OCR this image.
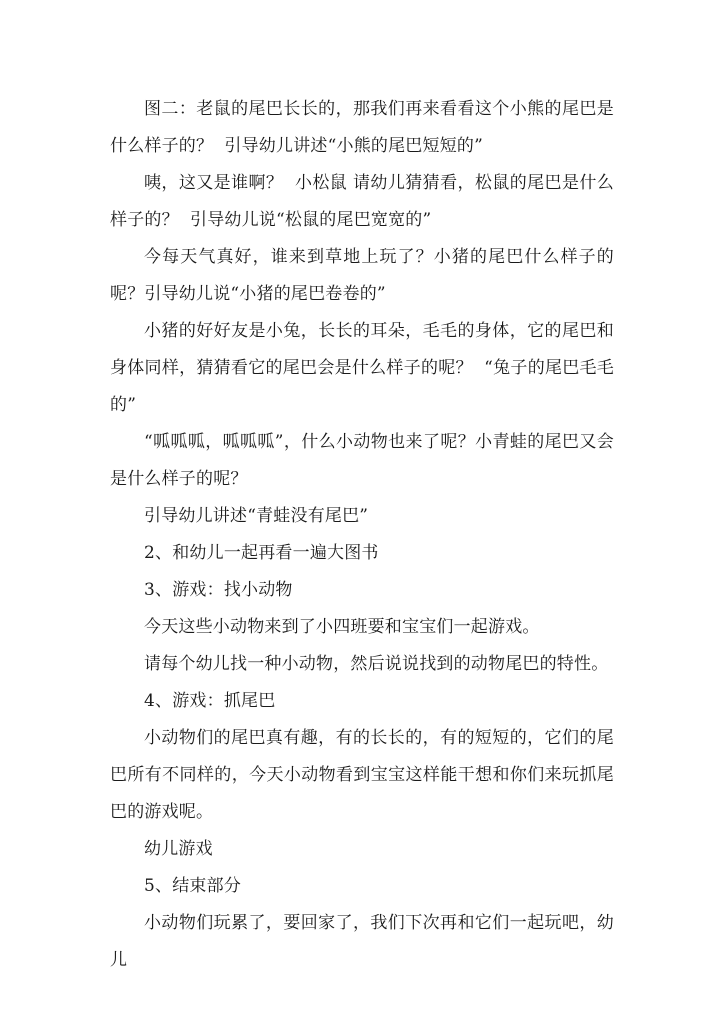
图二：老鼠的尾巴长长的，那我们再来看看这个小熊的尾巴是什么样子的？  引导幼儿讲述“小熊的尾巴短短的”

咦，这又是谁啊？  小松鼠 请幼儿猜猜看，松鼠的尾巴是什么样子的？  引导幼儿说“松鼠的尾巴宽宽的”

今每天气真好，谁来到草地上玩了？小猪的尾巴什么样子的呢？引导幼儿说“小猪的尾巴卷卷的”

小猪的好好友是小兔，长长的耳朵，毛毛的身体，它的尾巴和身体同样，猜猜看它的尾巴会是什么样子的呢？  “兔子的尾巴毛毛的”

“呱呱呱，呱呱呱”，什么小动物也来了呢？小青蛙的尾巴又会是什么样子的呢？

引导幼儿讲述“青蛙没有尾巴”

2、和幼儿一起再看一遍大图书

3、游戏：找小动物

今天这些小动物来到了小四班要和宝宝们一起游戏。

请每个幼儿找一种小动物，然后说说找到的动物尾巴的特性。

4、游戏：抓尾巴

小动物们的尾巴真有趣，有的长长的，有的短短的，它们的尾巴所有不同样的，今天小动物看到宝宝这样能干想和你们来玩抓尾巴的游戏呢。

幼儿游戏

5、结束部分

小动物们玩累了，要回家了，我们下次再和它们一起玩吧，幼儿
